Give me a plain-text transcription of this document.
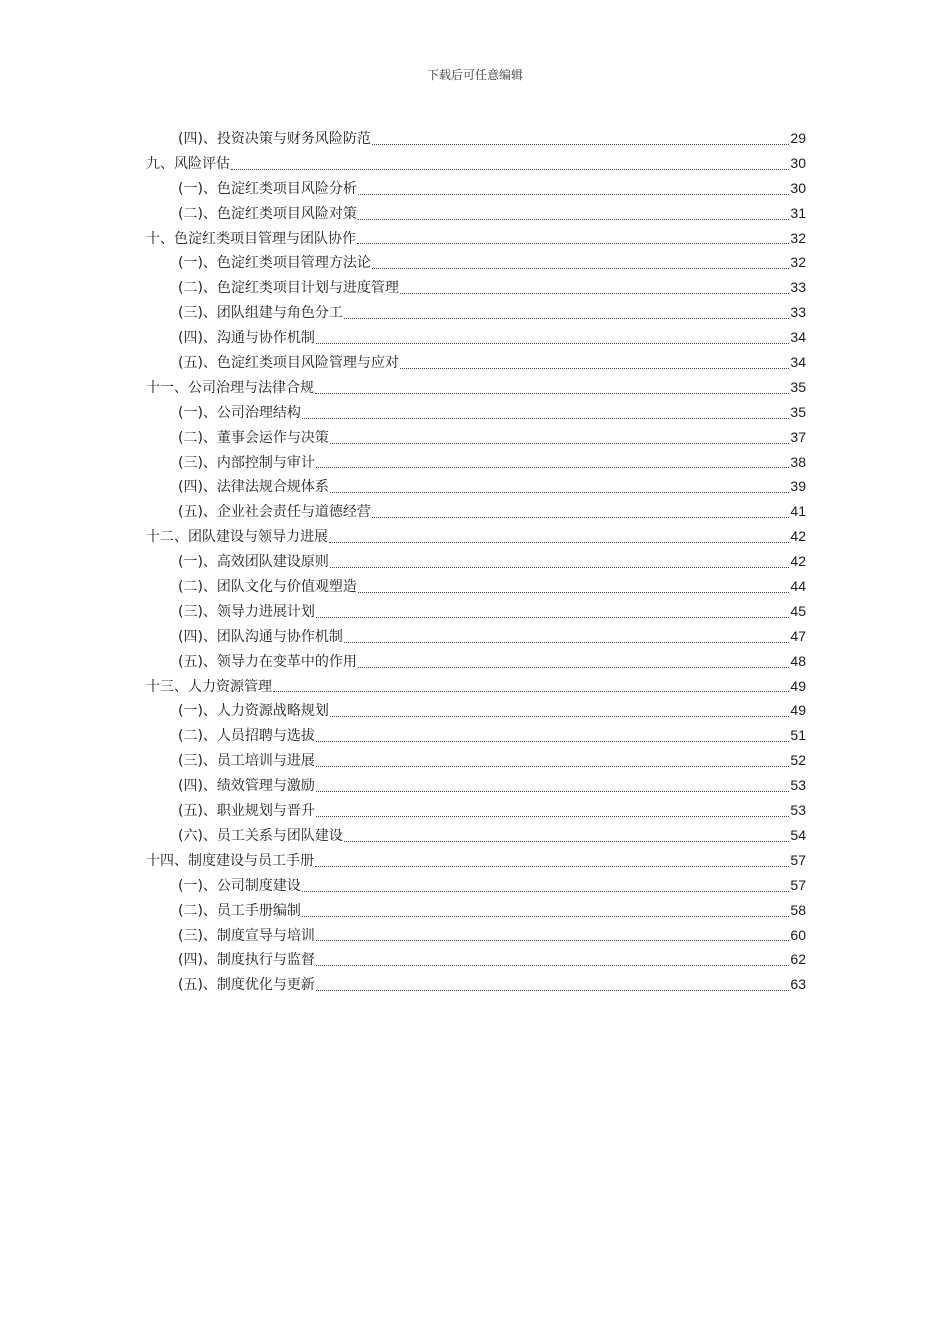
下载后可任意编辑
(四)、投资决策与财务风险防范	29
九、风险评估	30
(一)、色淀红类项目风险分析	30
(二)、色淀红类项目风险对策	31
十、色淀红类项目管理与团队协作	32
(一)、色淀红类项目管理方法论	32
(二)、色淀红类项目计划与进度管理	33
(三)、团队组建与角色分工	33
(四)、沟通与协作机制	34
(五)、色淀红类项目风险管理与应对	34
十一、公司治理与法律合规	35
(一)、公司治理结构	35
(二)、董事会运作与决策	37
(三)、内部控制与审计	38
(四)、法律法规合规体系	39
(五)、企业社会责任与道德经营	41
十二、团队建设与领导力进展	42
(一)、高效团队建设原则	42
(二)、团队文化与价值观塑造	44
(三)、领导力进展计划	45
(四)、团队沟通与协作机制	47
(五)、领导力在变革中的作用	48
十三、人力资源管理	49
(一)、人力资源战略规划	49
(二)、人员招聘与选拔	51
(三)、员工培训与进展	52
(四)、绩效管理与激励	53
(五)、职业规划与晋升	53
(六)、员工关系与团队建设	54
十四、制度建设与员工手册	57
(一)、公司制度建设	57
(二)、员工手册编制	58
(三)、制度宣导与培训	60
(四)、制度执行与监督	62
(五)、制度优化与更新	63
